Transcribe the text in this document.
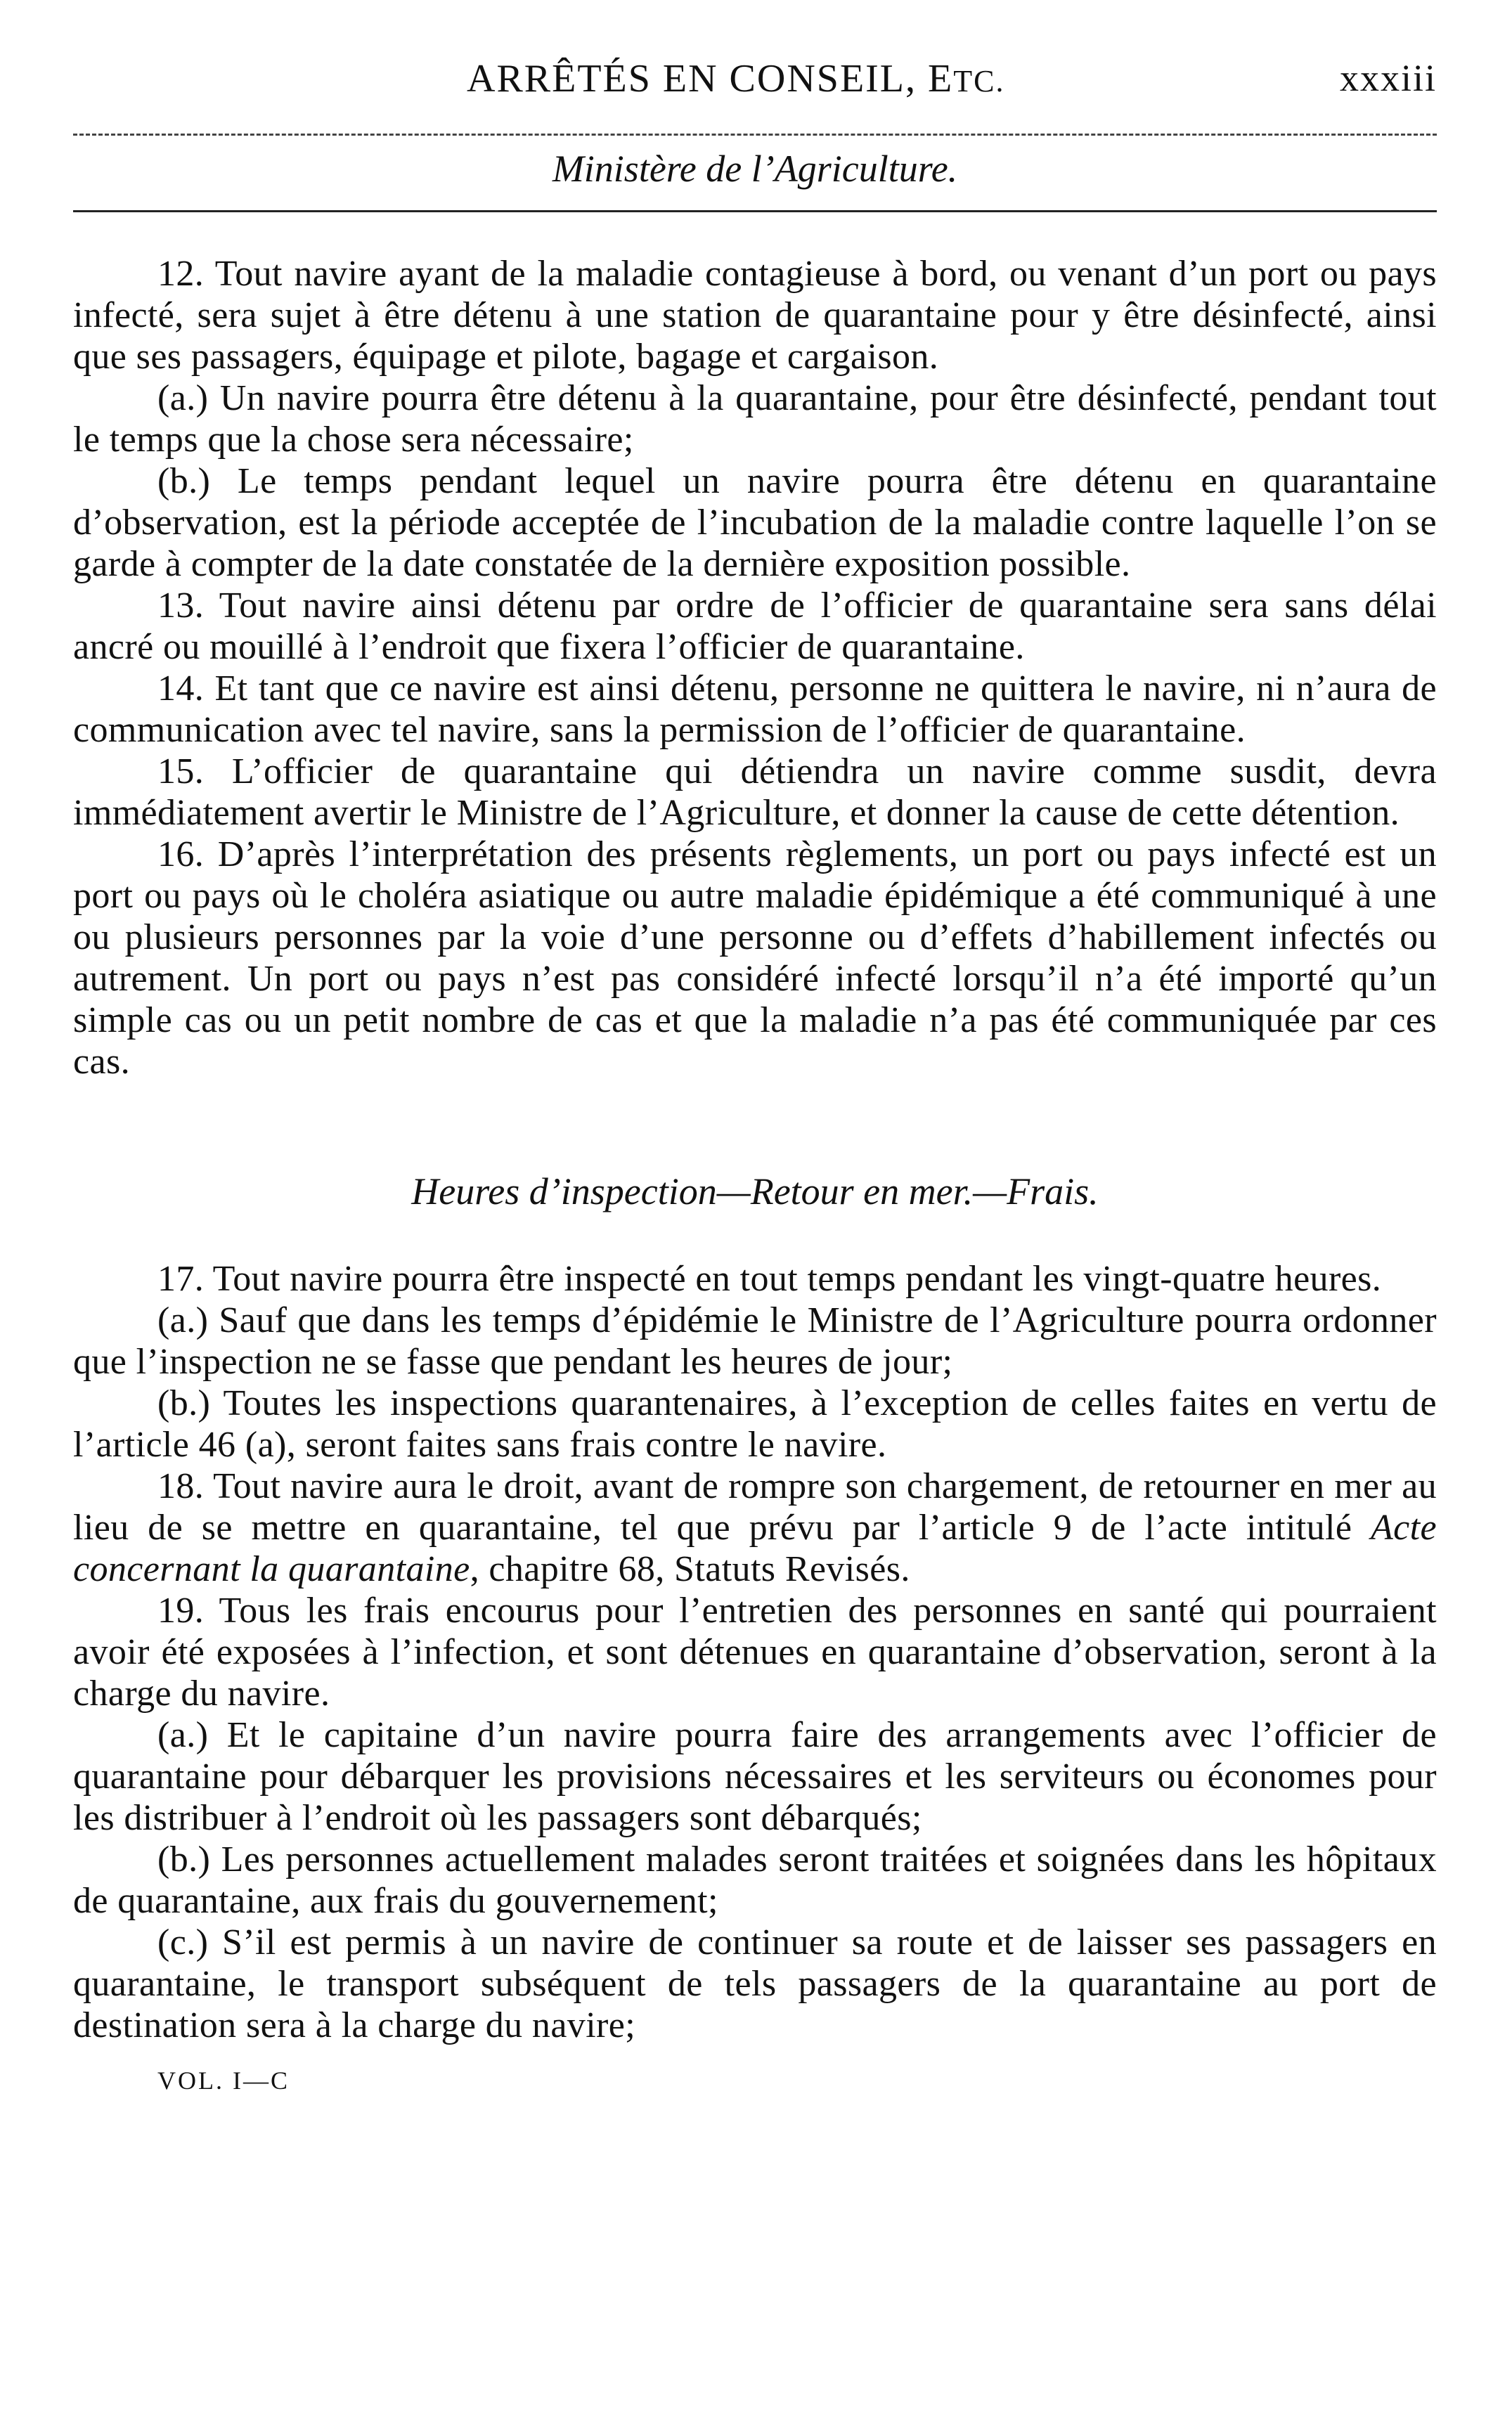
ARRÊTÉS EN CONSEIL, ETC.	xxxiii
Ministère de l’Agriculture.

12. Tout navire ayant de la maladie contagieuse à bord, ou venant d’un port ou pays infecté, sera sujet à être détenu à une station de quarantaine pour y être désinfecté, ainsi que ses passagers, équipage et pilote, bagage et cargaison.

(a.) Un navire pourra être détenu à la quarantaine, pour être désinfecté, pendant tout le temps que la chose sera nécessaire;

(b.) Le temps pendant lequel un navire pourra être détenu en quarantaine d’observation, est la période acceptée de l’incubation de la maladie contre laquelle l’on se garde à compter de la date constatée de la dernière exposition possible.

13. Tout navire ainsi détenu par ordre de l’officier de quarantaine sera sans délai ancré ou mouillé à l’endroit que fixera l’officier de quarantaine.

14. Et tant que ce navire est ainsi détenu, personne ne quittera le navire, ni n’aura de communication avec tel navire, sans la permission de l’officier de quarantaine.

15. L’officier de quarantaine qui détiendra un navire comme susdit, devra immédiatement avertir le Ministre de l’Agriculture, et donner la cause de cette détention.

16. D’après l’interprétation des présents règlements, un port ou pays infecté est un port ou pays où le choléra asiatique ou autre maladie épidémique a été communiqué à une ou plusieurs personnes par la voie d’une personne ou d’effets d’habillement infectés ou autrement. Un port ou pays n’est pas considéré infecté lorsqu’il n’a été importé qu’un simple cas ou un petit nombre de cas et que la maladie n’a pas été communiquée par ces cas.

Heures d’inspection—Retour en mer.—Frais.

17. Tout navire pourra être inspecté en tout temps pendant les vingt-quatre heures.

(a.) Sauf que dans les temps d’épidémie le Ministre de l’Agriculture pourra ordonner que l’inspection ne se fasse que pendant les heures de jour;

(b.) Toutes les inspections quarantenaires, à l’exception de celles faites en vertu de l’article 46 (a), seront faites sans frais contre le navire.

18. Tout navire aura le droit, avant de rompre son chargement, de retourner en mer au lieu de se mettre en quarantaine, tel que prévu par l’article 9 de l’acte intitulé Acte concernant la quarantaine, chapitre 68, Statuts Revisés.

19. Tous les frais encourus pour l’entretien des personnes en santé qui pourraient avoir été exposées à l’infection, et sont détenues en quarantaine d’observation, seront à la charge du navire.

(a.) Et le capitaine d’un navire pourra faire des arrangements avec l’officier de quarantaine pour débarquer les provisions nécessaires et les serviteurs ou économes pour les distribuer à l’endroit où les passagers sont débarqués;

(b.) Les personnes actuellement malades seront traitées et soignées dans les hôpitaux de quarantaine, aux frais du gouvernement;

(c.) S’il est permis à un navire de continuer sa route et de laisser ses passagers en quarantaine, le transport subséquent de tels passagers de la quarantaine au port de destination sera à la charge du navire;

VOL. I—C
